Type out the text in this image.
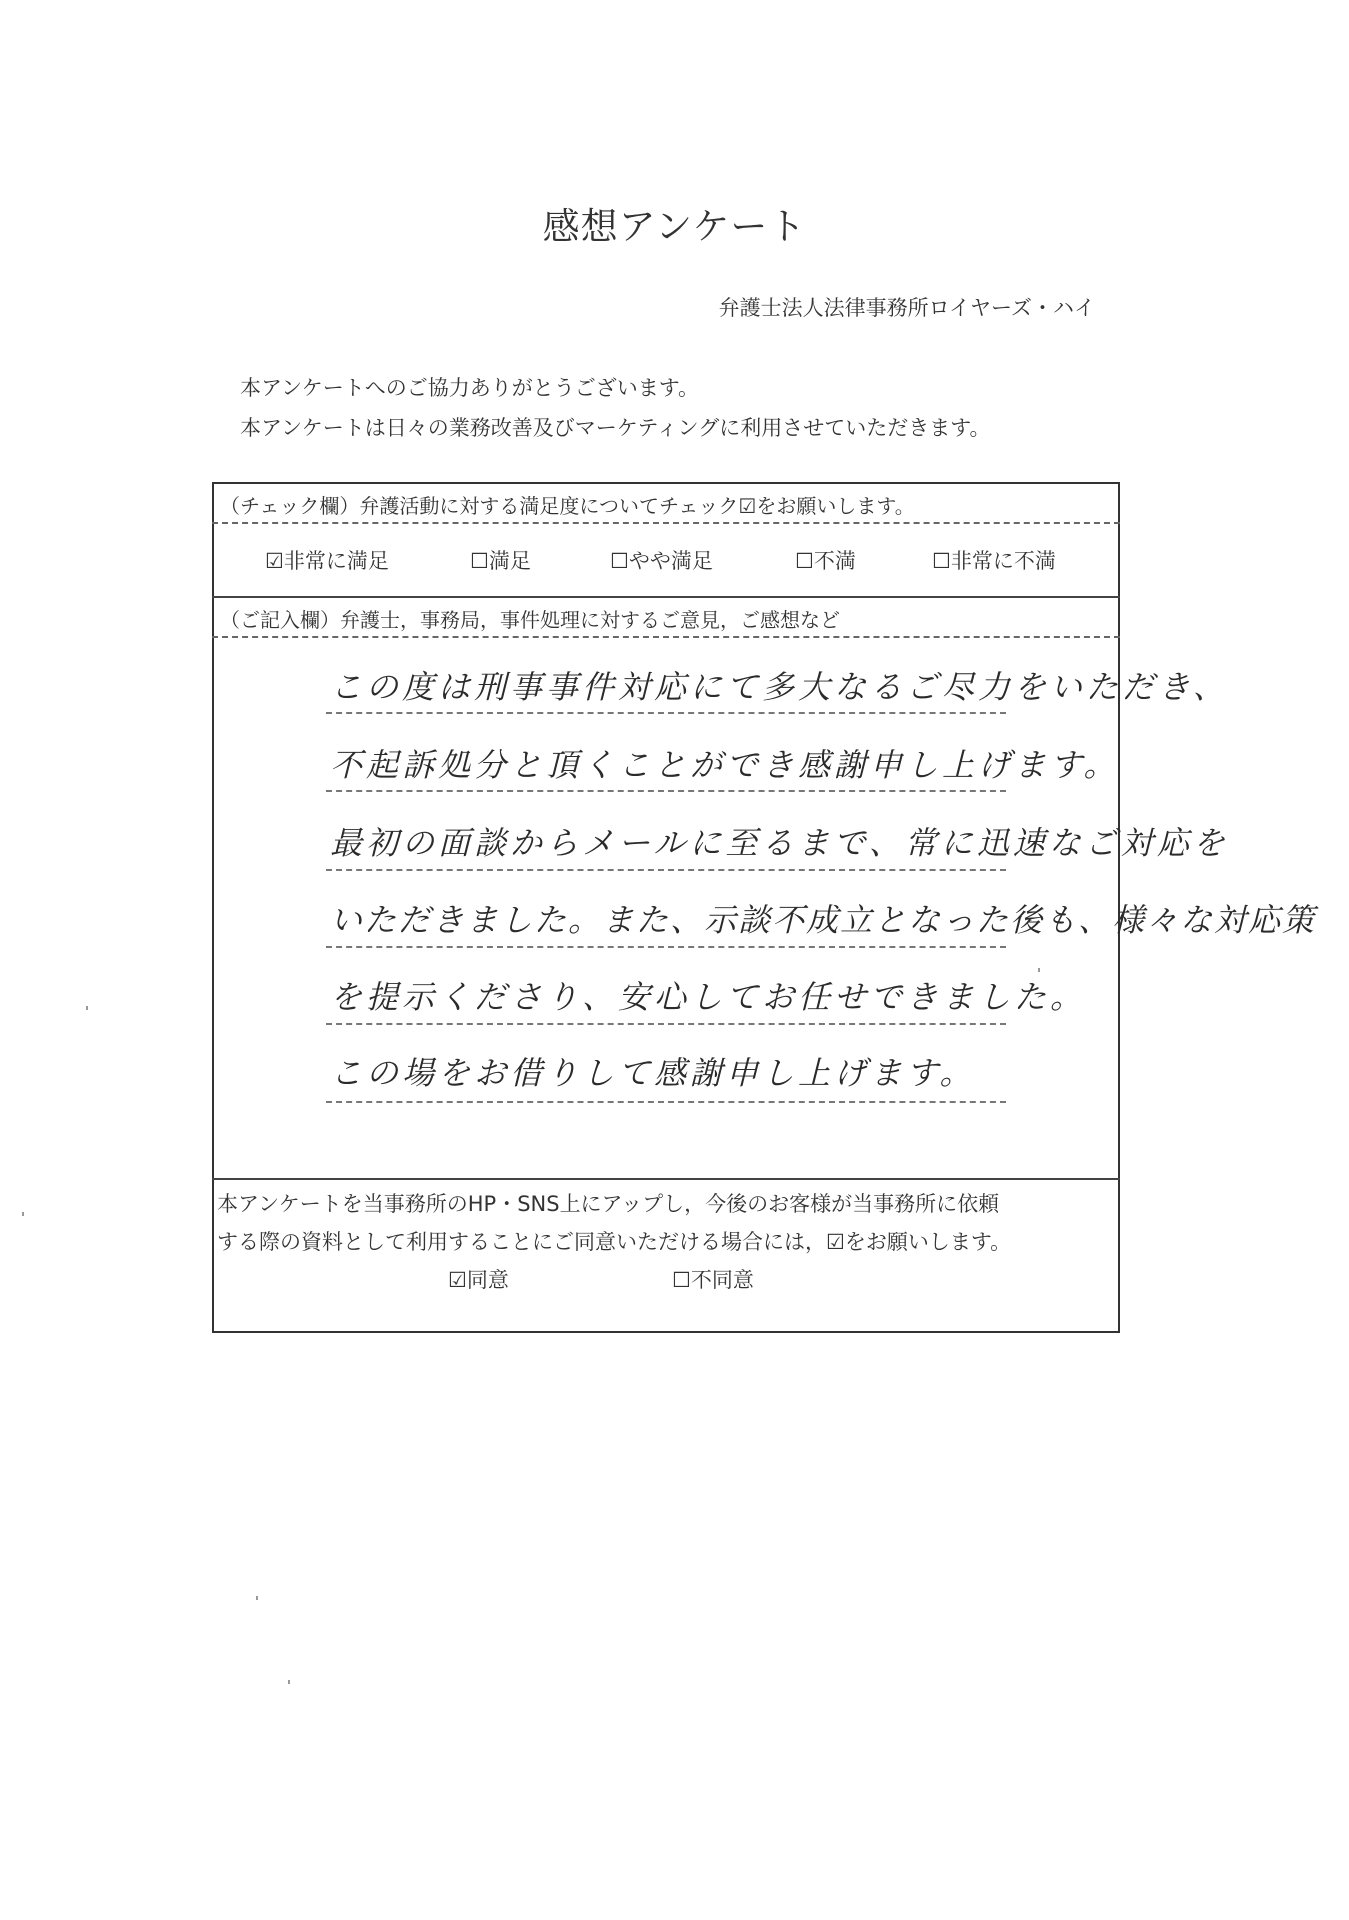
感想アンケート
弁護士法人法律事務所ロイヤーズ・ハイ
本アンケートへのご協力ありがとうございます。
本アンケートは日々の業務改善及びマーケティングに利用させていただきます。
（チェック欄）弁護活動に対する満足度についてチェック☑をお願いします。
☑非常に満足	☐満足	☐やや満足	☐不満	☐非常に不満
（ご記入欄）弁護士，事務局，事件処理に対するご意見，ご感想など
この度は刑事事件対応にて多大なるご尽力をいただき、
不起訴処分と頂くことができ感謝申し上げます。
最初の面談からメールに至るまで、常に迅速なご対応を
いただきました。また、示談不成立となった後も、様々な対応策
を提示くださり、安心してお任せできました。
この場をお借りして感謝申し上げます。
本アンケートを当事務所のHP・SNS上にアップし，今後のお客様が当事務所に依頼
する際の資料として利用することにご同意いただける場合には，☑をお願いします。
☑同意	☐不同意
